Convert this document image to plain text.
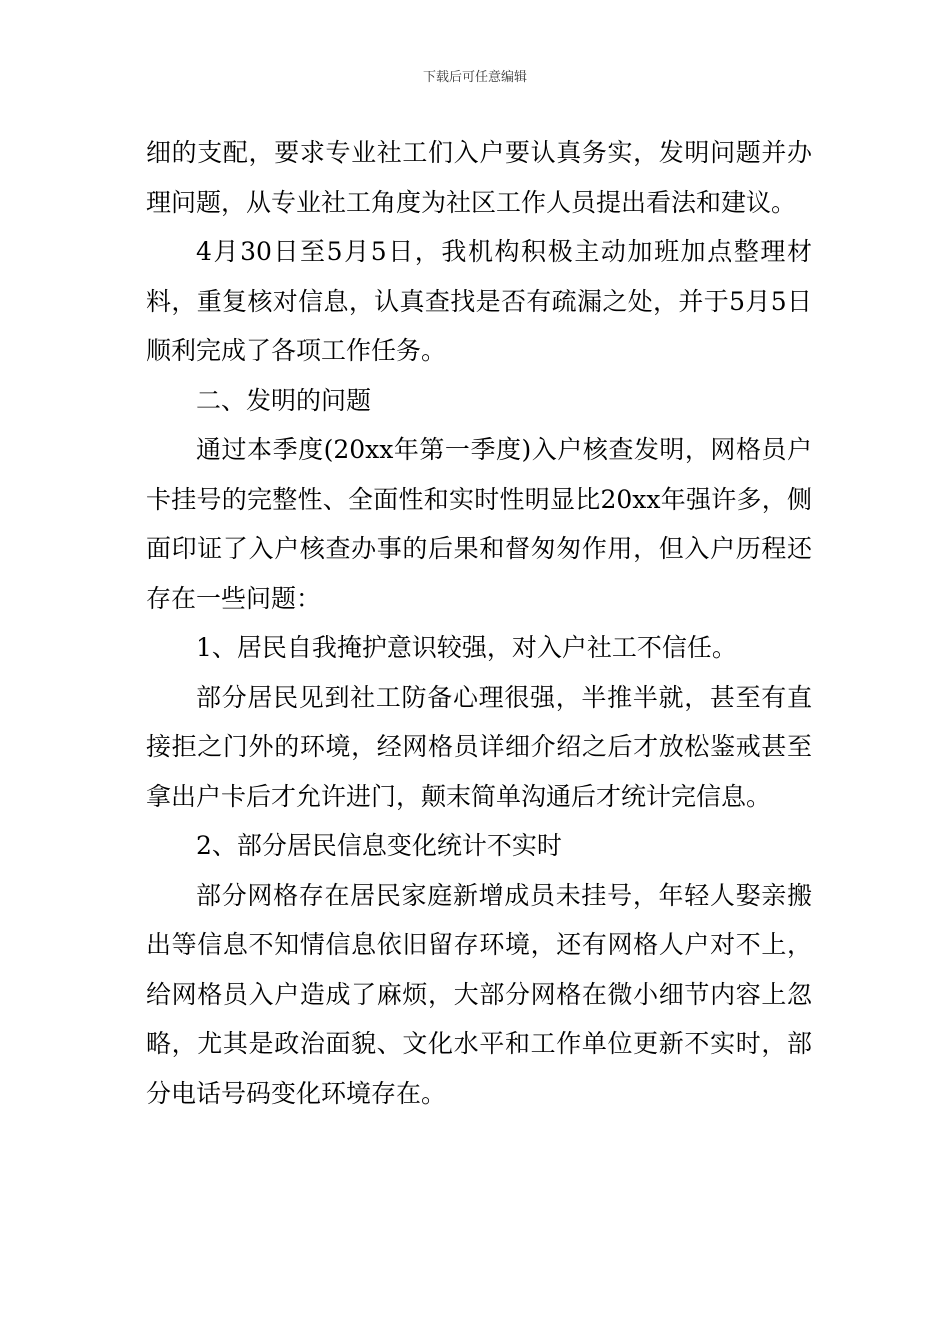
下载后可任意编辑

细的支配，要求专业社工们入户要认真务实，发明问题并办理问题，从专业社工角度为社区工作人员提出看法和建议。

4月30日至5月5日，我机构积极主动加班加点整理材料，重复核对信息，认真查找是否有疏漏之处，并于5月5日顺利完成了各项工作任务。

二、发明的问题

通过本季度(20xx年第一季度)入户核查发明，网格员户卡挂号的完整性、全面性和实时性明显比20xx年强许多，侧面印证了入户核查办事的后果和督匆匆作用，但入户历程还存在一些问题：

1、居民自我掩护意识较强，对入户社工不信任。

部分居民见到社工防备心理很强，半推半就，甚至有直接拒之门外的环境，经网格员详细介绍之后才放松鉴戒甚至拿出户卡后才允许进门，颠末简单沟通后才统计完信息。

2、部分居民信息变化统计不实时

部分网格存在居民家庭新增成员未挂号，年轻人娶亲搬出等信息不知情信息依旧留存环境，还有网格人户对不上，给网格员入户造成了麻烦，大部分网格在微小细节内容上忽略，尤其是政治面貌、文化水平和工作单位更新不实时，部分电话号码变化环境存在。
